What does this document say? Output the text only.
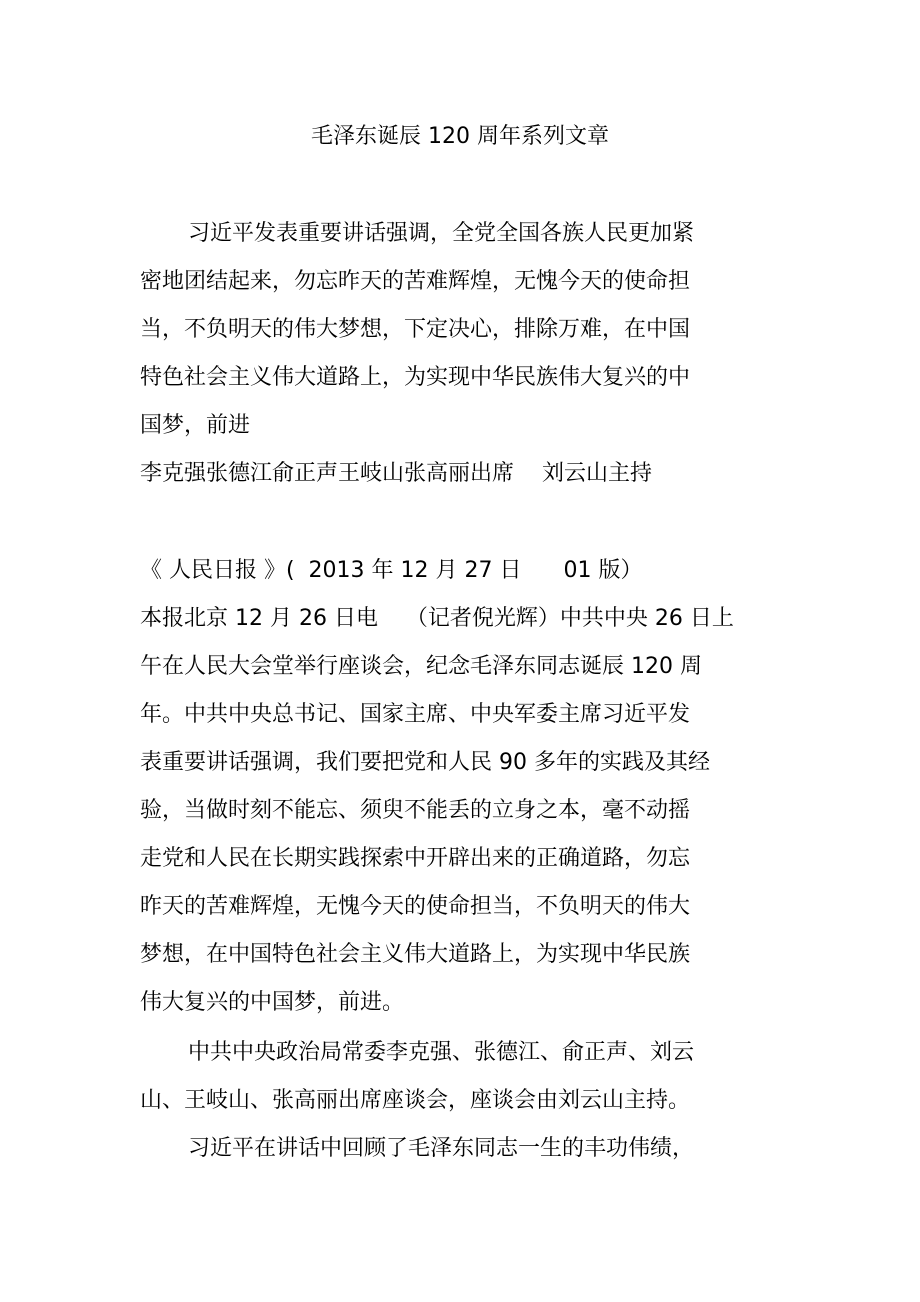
毛泽东诞辰 120 周年系列文章
习近平发表重要讲话强调，全党全国各族人民更加紧
密地团结起来，勿忘昨天的苦难辉煌，无愧今天的使命担
当，不负明天的伟大梦想，下定决心，排除万难，在中国
特色社会主义伟大道路上，为实现中华民族伟大复兴的中
国梦，前进
李克强张德江俞正声王岐山张高丽出席    刘云山主持
《 人民日报 》(  2013 年 12 月 27 日      01 版）
本报北京 12 月 26 日电    （记者倪光辉）中共中央 26 日上
午在人民大会堂举行座谈会，纪念毛泽东同志诞辰 120 周
年。中共中央总书记、国家主席、中央军委主席习近平发
表重要讲话强调，我们要把党和人民 90 多年的实践及其经
验，当做时刻不能忘、须臾不能丢的立身之本，毫不动摇
走党和人民在长期实践探索中开辟出来的正确道路，勿忘
昨天的苦难辉煌，无愧今天的使命担当，不负明天的伟大
梦想，在中国特色社会主义伟大道路上，为实现中华民族
伟大复兴的中国梦，前进。
中共中央政治局常委李克强、张德江、俞正声、刘云
山、王岐山、张高丽出席座谈会，座谈会由刘云山主持。
习近平在讲话中回顾了毛泽东同志一生的丰功伟绩，
